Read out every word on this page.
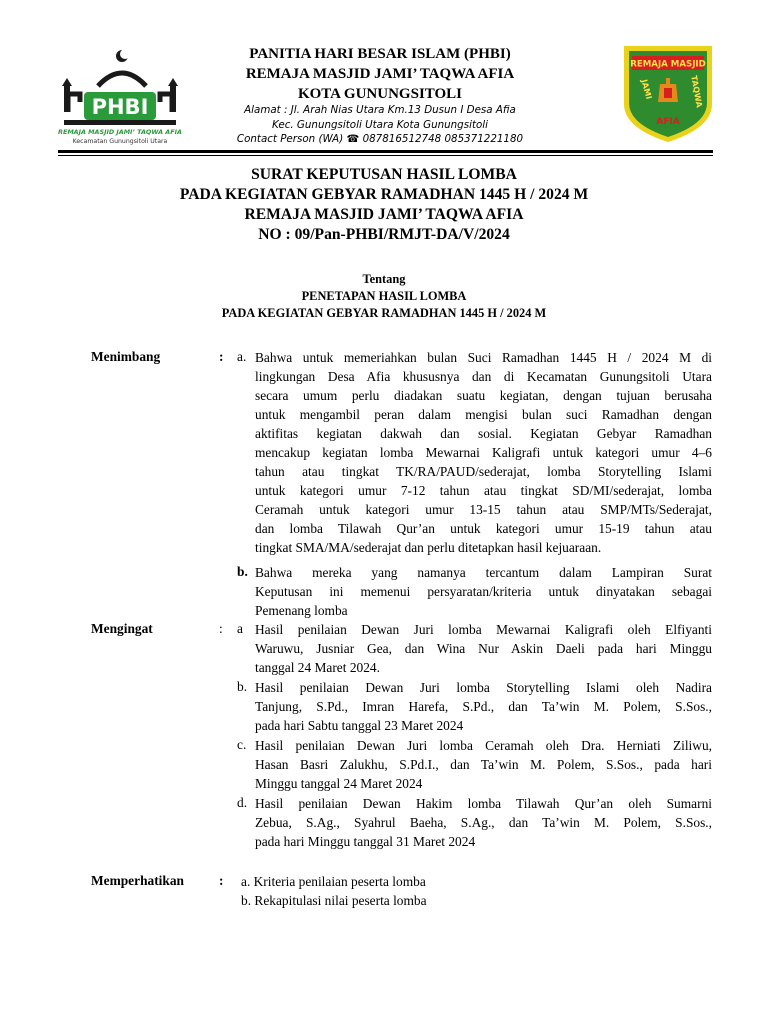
PHBI
REMAJA MASJID JAMI’ TAQWA AFIA
Kecamatan Gunungsitoli Utara
PANITIA HARI BESAR ISLAM (PHBI)
REMAJA MASJID JAMI’ TAQWA AFIA
KOTA GUNUNGSITOLI
Alamat : Jl. Arah Nias Utara Km.13 Dusun I Desa Afia
Kec. Gunungsitoli Utara Kota Gunungsitoli
Contact Person (WA) ☎ 087816512748 085371221180
REMAJA MASJID
JAMI	TAQWA
AFIA
SURAT KEPUTUSAN HASIL LOMBA
PADA KEGIATAN GEBYAR RAMADHAN 1445 H / 2024 M
REMAJA MASJID JAMI’ TAQWA AFIA
NO : 09/Pan-PHBI/RMJT-DA/V/2024
Tentang
PENETAPAN HASIL LOMBA
PADA KEGIATAN GEBYAR RAMADHAN 1445 H / 2024 M
Menimbang	: a. Bahwa untuk memeriahkan bulan Suci Ramadhan 1445 H / 2024 M di
lingkungan Desa Afia khususnya dan di Kecamatan Gunungsitoli Utara
secara umum perlu diadakan suatu kegiatan, dengan tujuan berusaha
untuk mengambil peran dalam mengisi bulan suci Ramadhan dengan
aktifitas kegiatan dakwah dan sosial. Kegiatan Gebyar Ramadhan
mencakup kegiatan lomba Mewarnai Kaligrafi untuk kategori umur 4–6
tahun atau tingkat TK/RA/PAUD/sederajat, lomba Storytelling Islami
untuk kategori umur 7-12 tahun atau tingkat SD/MI/sederajat, lomba
Ceramah untuk kategori umur 13-15 tahun atau SMP/MTs/Sederajat,
dan lomba Tilawah Qur’an untuk kategori umur 15-19 tahun atau
tingkat SMA/MA/sederajat dan perlu ditetapkan hasil kejuaraan.
b. Bahwa mereka yang namanya tercantum dalam Lampiran Surat
Keputusan ini memenui persyaratan/kriteria untuk dinyatakan sebagai
Pemenang lomba
Mengingat	: a Hasil penilaian Dewan Juri lomba Mewarnai Kaligrafi oleh Elfiyanti
Waruwu, Jusniar Gea, dan Wina Nur Askin Daeli pada hari Minggu
tanggal 24 Maret 2024.
b. Hasil penilaian Dewan Juri lomba Storytelling Islami oleh Nadira
Tanjung, S.Pd., Imran Harefa, S.Pd., dan Ta’win M. Polem, S.Sos.,
pada hari Sabtu tanggal 23 Maret 2024
c. Hasil penilaian Dewan Juri lomba Ceramah oleh Dra. Herniati Ziliwu,
Hasan Basri Zalukhu, S.Pd.I., dan Ta’win M. Polem, S.Sos., pada hari
Minggu tanggal 24 Maret 2024
d. Hasil penilaian Dewan Hakim lomba Tilawah Qur’an oleh Sumarni
Zebua, S.Ag., Syahrul Baeha, S.Ag., dan Ta’win M. Polem, S.Sos.,
pada hari Minggu tanggal 31 Maret 2024
Memperhatikan	: a. Kriteria penilaian peserta lomba
b. Rekapitulasi nilai peserta lomba
